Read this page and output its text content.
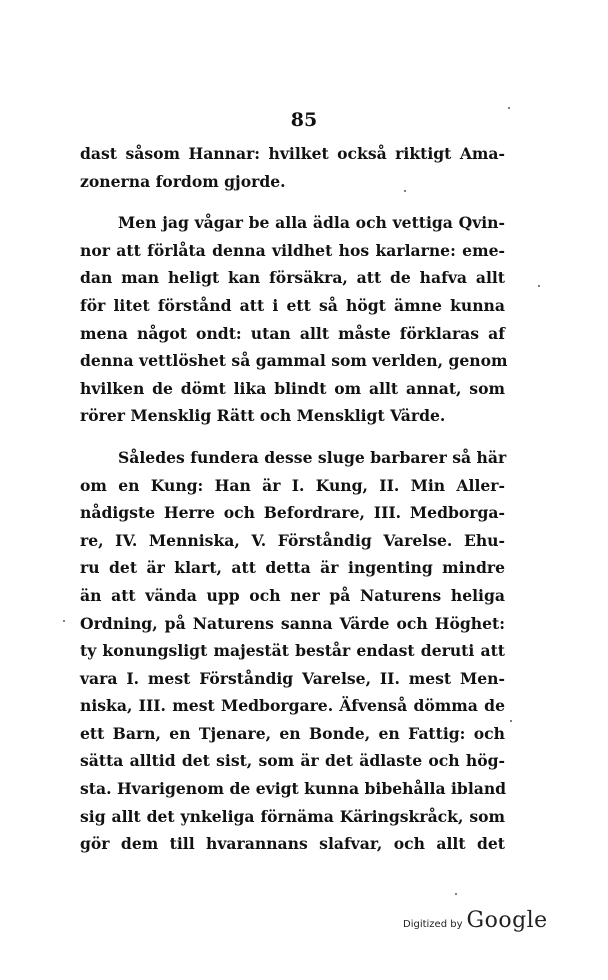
85
dast såsom Hannar: hvilket också riktigt Ama-
zonerna fordom gjorde.
Men jag vågar be alla ädla och vettiga Qvin-
nor att förlåta denna vildhet hos karlarne: eme-
dan man heligt kan försäkra, att de hafva allt
för litet förstånd att i ett så högt ämne kunna
mena något ondt: utan allt måste förklaras af
denna vettlöshet så gammal som verlden, genom
hvilken de dömt lika blindt om allt annat, som
rörer Mensklig Rätt och Menskligt Värde.
Således fundera desse sluge barbarer så här
om en Kung: Han är I. Kung, II. Min Aller-
nådigste Herre och Befordrare, III. Medborga-
re, IV. Menniska, V. Förståndig Varelse. Ehu-
ru det är klart, att detta är ingenting mindre
än att vända upp och ner på Naturens heliga
Ordning, på Naturens sanna Värde och Höghet:
ty konungsligt majestät består endast deruti att
vara I. mest Förståndig Varelse, II. mest Men-
niska, III. mest Medborgare. Äfvenså dömma de
ett Barn, en Tjenare, en Bonde, en Fattig: och
sätta alltid det sist, som är det ädlaste och hög-
sta. Hvarigenom de evigt kunna bibehålla ibland
sig allt det ynkeliga förnäma Käringskråck, som
gör dem till hvarannans slafvar, och allt det
Digitized by Google
